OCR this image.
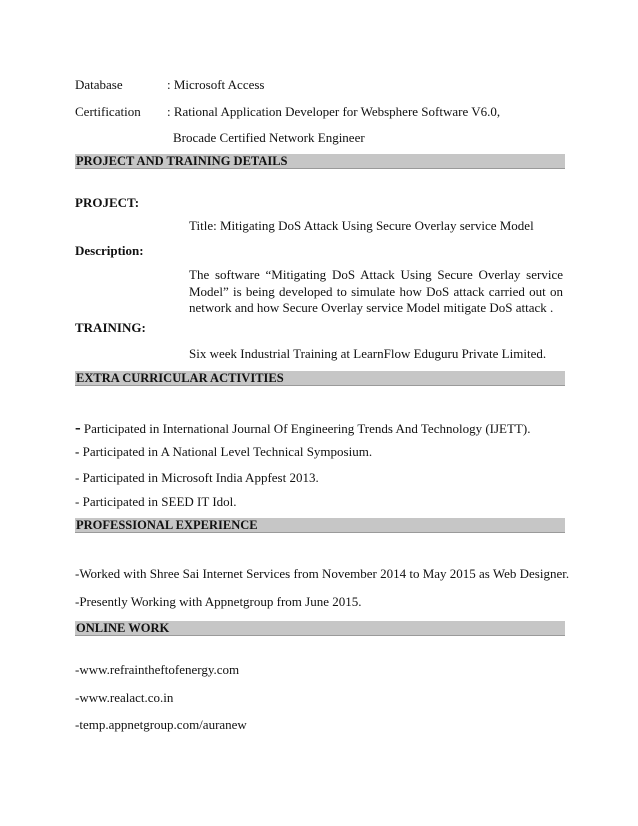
Database	: Microsoft Access
Certification : Rational Application Developer for Websphere Software V6.0,
Brocade Certified Network Engineer
PROJECT AND TRAINING DETAILS
PROJECT:
Title: Mitigating DoS Attack Using Secure Overlay service Model
Description:
The software “Mitigating DoS Attack Using Secure Overlay service Model” is being developed to simulate how DoS attack carried out on network and how Secure Overlay service Model mitigate DoS attack .
TRAINING:
Six week Industrial Training at LearnFlow Eduguru Private Limited.
EXTRA CURRICULAR ACTIVITIES
- Participated in International Journal Of Engineering Trends And Technology (IJETT).
- Participated in A National Level Technical Symposium.
- Participated in Microsoft India Appfest 2013.
- Participated in SEED IT Idol.
PROFESSIONAL EXPERIENCE
-Worked with Shree Sai Internet Services from November 2014 to May 2015 as Web Designer.
-Presently Working with Appnetgroup from June 2015.
ONLINE WORK
-www.refraintheftofenergy.com
-www.realact.co.in
-temp.appnetgroup.com/auranew
